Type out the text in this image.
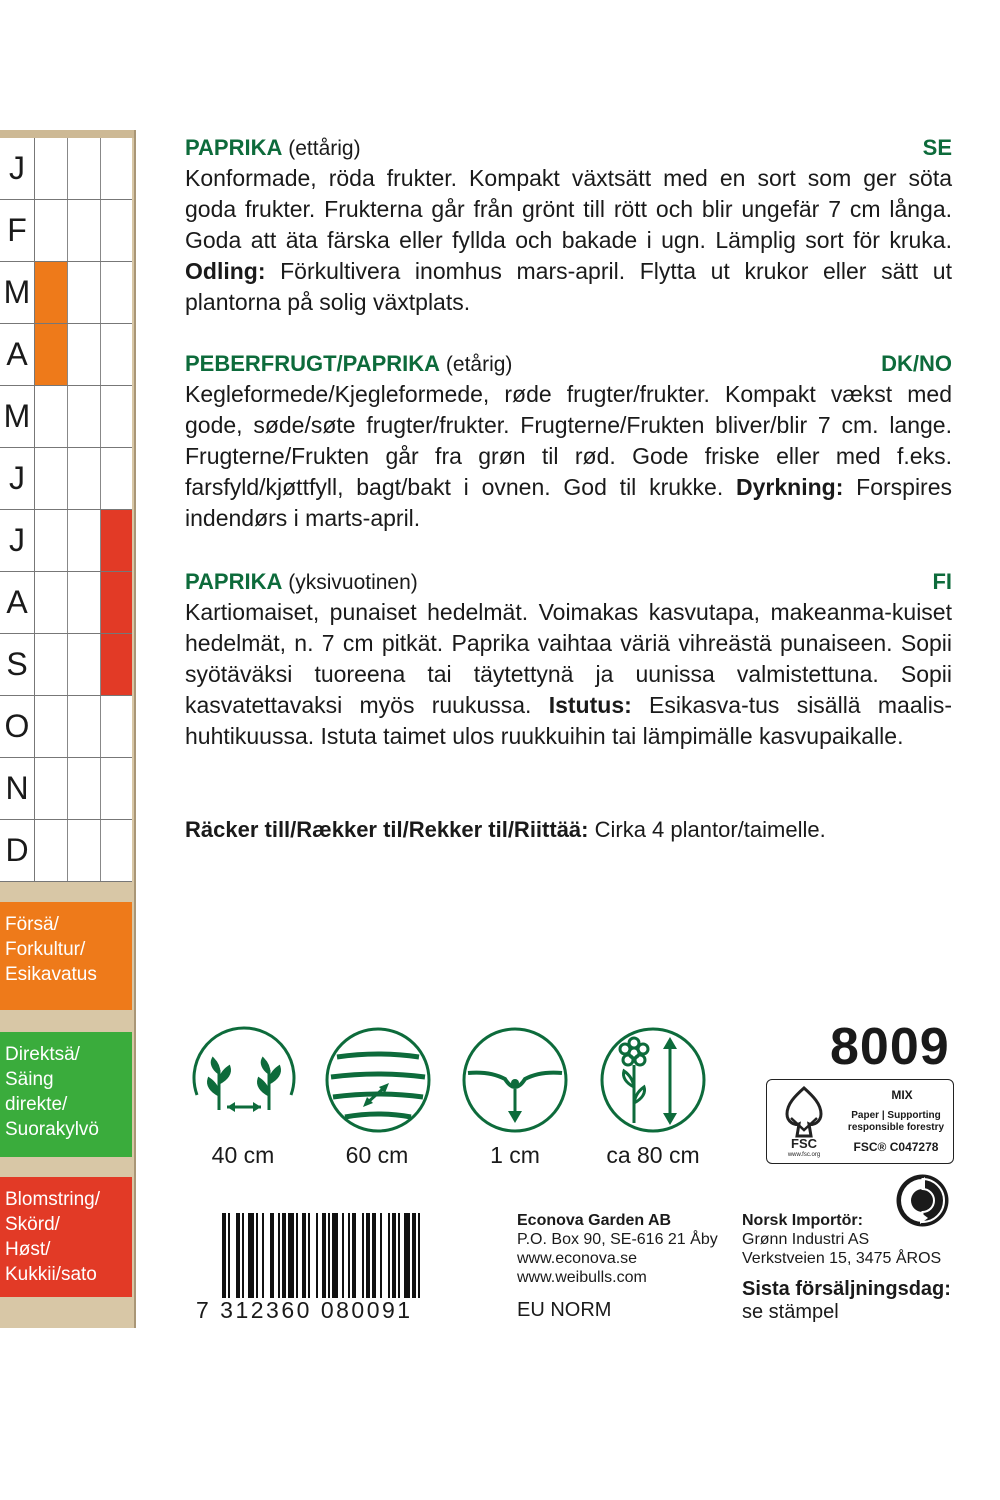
J
F
M
A
M
J
J
A
S
O
N
D
Försä/
Forkultur/
Esikavatus
Direktsä/
Säing
direkte/
Suorakylvö
Blomstring/
Skörd/
Høst/
Kukkii/sato
PAPRIKA (ettårig)	SE

Konformade, röda frukter. Kompakt växtsätt med en sort som ger söta goda frukter. Frukterna går från grönt till rött och blir ungefär 7 cm långa. Goda att äta färska eller fyllda och bakade i ugn. Lämplig sort för kruka. Odling: Förkultivera inomhus mars-april. Flytta ut krukor eller sätt ut plantorna på solig växtplats.

PEBERFRUGT/PAPRIKA (etårig)	DK/NO

Kegleformede/Kjegleformede, røde frugter/frukter. Kompakt vækst med gode, søde/søte frugter/frukter. Frugterne/Frukten bliver/blir 7 cm. lange. Frugterne/Frukten går fra grøn til rød. Gode friske eller med f.eks. farsfyld/kjøttfyll, bagt/bakt i ovnen. God til krukke. Dyrkning: Forspires indendørs i marts-april.

PAPRIKA (yksivuotinen)	FI

Kartiomaiset, punaiset hedelmät. Voimakas kasvutapa, makeanma-kuiset hedelmät, n. 7 cm pitkät. Paprika vaihtaa väriä vihreästä punaiseen. Sopii syötäväksi tuoreena tai täytettynä ja uunissa valmistettuna. Sopii kasvatettavaksi myös ruukussa. Istutus: Esikasva-tus sisällä maalis-huhtikuussa. Istuta taimet ulos ruukkuihin tai lämpimälle kasvupaikalle.

Räcker till/Rækker til/Rekker til/Riittää: Cirka 4 plantor/taimelle.
40 cm	60 cm	1 cm	ca 80 cm
8009
FSC
www.fsc.org
MIX
Paper | Supporting
responsible forestry
FSC® C047278
7 312360 080091
Econova Garden AB
P.O. Box 90, SE-616 21 Åby
www.econova.se
www.weibulls.com
EU NORM
Norsk Importör:
Grønn Industri AS
Verkstveien 15, 3475 ÅROS
Sista försäljningsdag:
se stämpel
